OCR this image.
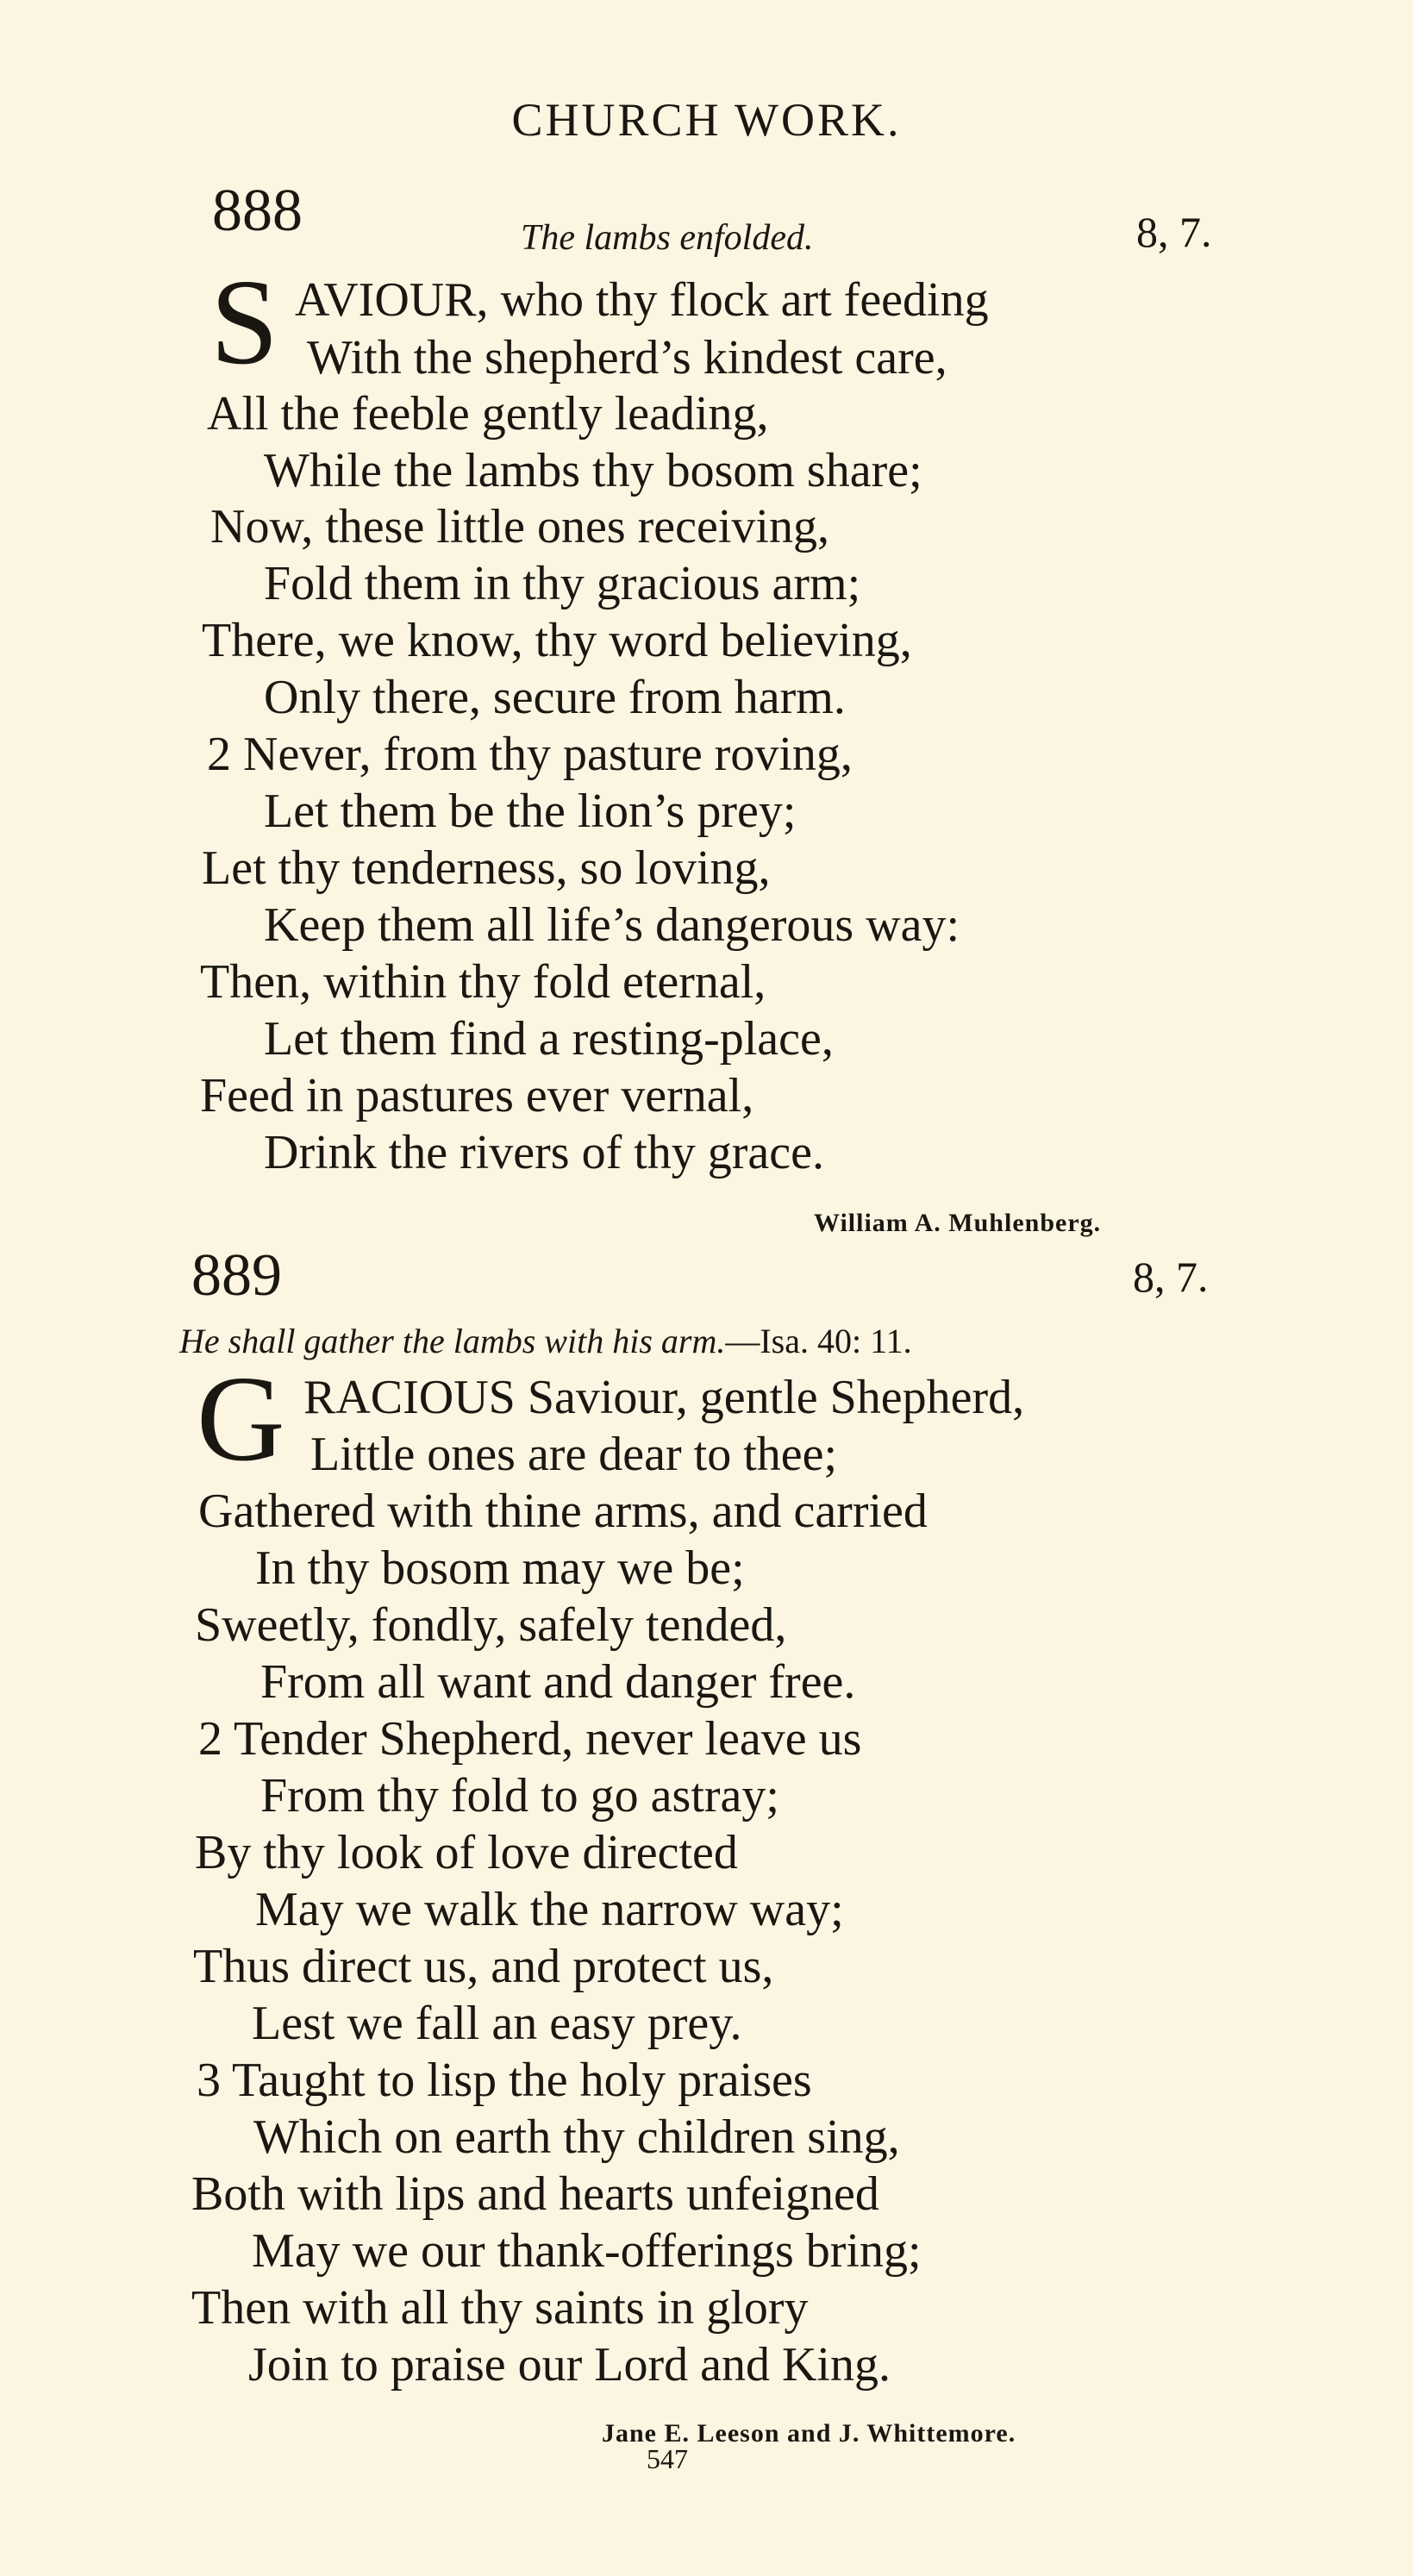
CHURCH WORK.
888	The lambs enfolded.	8, 7.
S AVIOUR, who thy flock art feeding
With the shepherd’s kindest care,
All the feeble gently leading,
While the lambs thy bosom share;
Now, these little ones receiving,
Fold them in thy gracious arm;
There, we know, thy word believing,
Only there, secure from harm.
2 Never, from thy pasture roving,
Let them be the lion’s prey;
Let thy tenderness, so loving,
Keep them all life’s dangerous way:
Then, within thy fold eternal,
Let them find a resting-place,
Feed in pastures ever vernal,
Drink the rivers of thy grace.
William A. Muhlenberg.
889	8, 7.
He shall gather the lambs with his arm.—Isa. 40: 11.
G RACIOUS Saviour, gentle Shepherd,
Little ones are dear to thee;
Gathered with thine arms, and carried
In thy bosom may we be;
Sweetly, fondly, safely tended,
From all want and danger free.
2 Tender Shepherd, never leave us
From thy fold to go astray;
By thy look of love directed
May we walk the narrow way;
Thus direct us, and protect us,
Lest we fall an easy prey.
3 Taught to lisp the holy praises
Which on earth thy children sing,
Both with lips and hearts unfeigned
May we our thank-offerings bring;
Then with all thy saints in glory
Join to praise our Lord and King.
Jane E. Leeson and J. Whittemore.
547
